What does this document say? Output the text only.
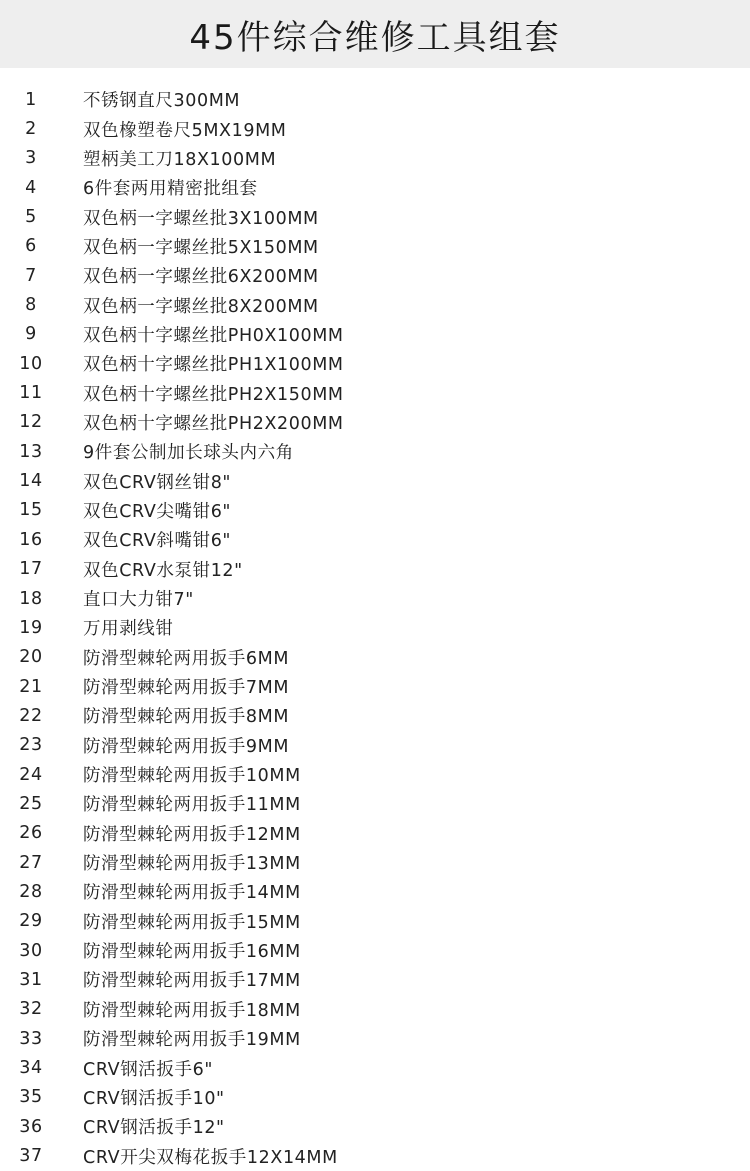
45件综合维修工具组套
1	不锈钢直尺300MM
2	双色橡塑卷尺5MX19MM
3	塑柄美工刀18X100MM
4	6件套两用精密批组套
5	双色柄一字螺丝批3X100MM
6	双色柄一字螺丝批5X150MM
7	双色柄一字螺丝批6X200MM
8	双色柄一字螺丝批8X200MM
9	双色柄十字螺丝批PH0X100MM
10	双色柄十字螺丝批PH1X100MM
11	双色柄十字螺丝批PH2X150MM
12	双色柄十字螺丝批PH2X200MM
13	9件套公制加长球头内六角
14	双色CRV钢丝钳8"
15	双色CRV尖嘴钳6"
16	双色CRV斜嘴钳6"
17	双色CRV水泵钳12"
18	直口大力钳7"
19	万用剥线钳
20	防滑型棘轮两用扳手6MM
21	防滑型棘轮两用扳手7MM
22	防滑型棘轮两用扳手8MM
23	防滑型棘轮两用扳手9MM
24	防滑型棘轮两用扳手10MM
25	防滑型棘轮两用扳手11MM
26	防滑型棘轮两用扳手12MM
27	防滑型棘轮两用扳手13MM
28	防滑型棘轮两用扳手14MM
29	防滑型棘轮两用扳手15MM
30	防滑型棘轮两用扳手16MM
31	防滑型棘轮两用扳手17MM
32	防滑型棘轮两用扳手18MM
33	防滑型棘轮两用扳手19MM
34	CRV钢活扳手6"
35	CRV钢活扳手10"
36	CRV钢活扳手12"
37	CRV开尖双梅花扳手12X14MM
